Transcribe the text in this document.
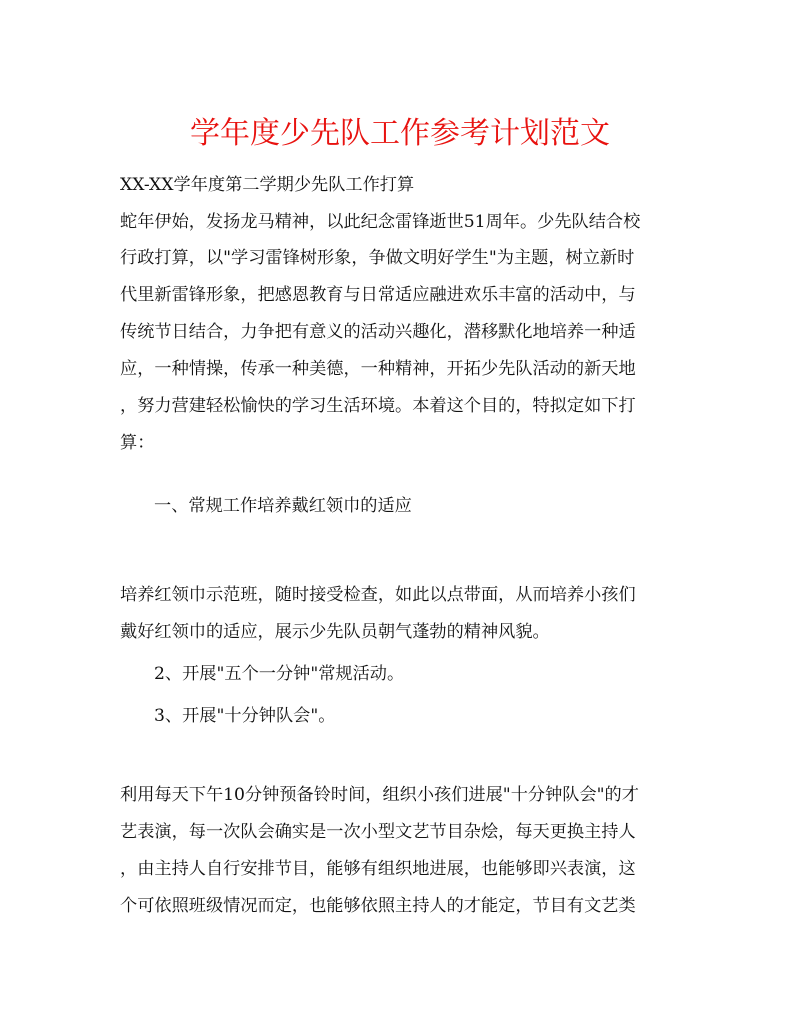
学年度少先队工作参考计划范文
XX-XX学年度第二学期少先队工作打算
蛇年伊始，发扬龙马精神，以此纪念雷锋逝世51周年。少先队结合校
行政打算，以"学习雷锋树形象，争做文明好学生"为主题，树立新时
代里新雷锋形象，把感恩教育与日常适应融进欢乐丰富的活动中，与
传统节日结合，力争把有意义的活动兴趣化，潜移默化地培养一种适
应，一种情操，传承一种美德，一种精神，开拓少先队活动的新天地
，努力营建轻松愉快的学习生活环境。本着这个目的，特拟定如下打
算：
一、常规工作培养戴红领巾的适应
培养红领巾示范班，随时接受检查，如此以点带面，从而培养小孩们
戴好红领巾的适应，展示少先队员朝气蓬勃的精神风貌。
2、开展"五个一分钟"常规活动。
3、开展"十分钟队会"。
利用每天下午10分钟预备铃时间，组织小孩们进展"十分钟队会"的才
艺表演，每一次队会确实是一次小型文艺节目杂烩，每天更换主持人
，由主持人自行安排节目，能够有组织地进展，也能够即兴表演，这
个可依照班级情况而定，也能够依照主持人的才能定，节目有文艺类
